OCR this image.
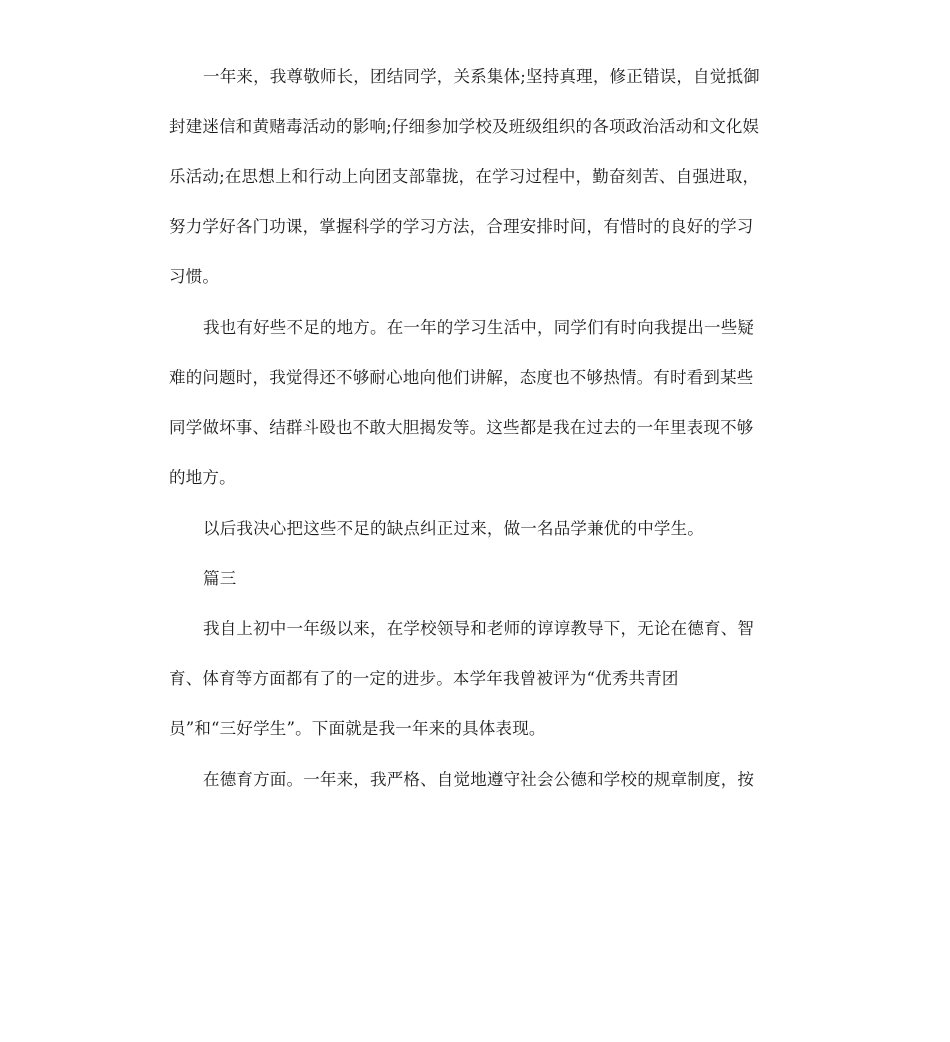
一年来，我尊敬师长，团结同学，关系集体;坚持真理，修正错误，自觉抵御
封建迷信和黄赌毒活动的影响;仔细参加学校及班级组织的各项政治活动和文化娱
乐活动;在思想上和行动上向团支部靠拢，在学习过程中，勤奋刻苦、自强进取，
努力学好各门功课，掌握科学的学习方法，合理安排时间，有惜时的良好的学习
习惯。
我也有好些不足的地方。在一年的学习生活中，同学们有时向我提出一些疑
难的问题时，我觉得还不够耐心地向他们讲解，态度也不够热情。有时看到某些
同学做坏事、结群斗殴也不敢大胆揭发等。这些都是我在过去的一年里表现不够
的地方。
以后我决心把这些不足的缺点纠正过来，做一名品学兼优的中学生。
篇三
我自上初中一年级以来，在学校领导和老师的谆谆教导下，无论在德育、智
育、体育等方面都有了的一定的进步。本学年我曾被评为“优秀共青团
员”和“三好学生”。下面就是我一年来的具体表现。
在德育方面。一年来，我严格、自觉地遵守社会公德和学校的规章制度，按
